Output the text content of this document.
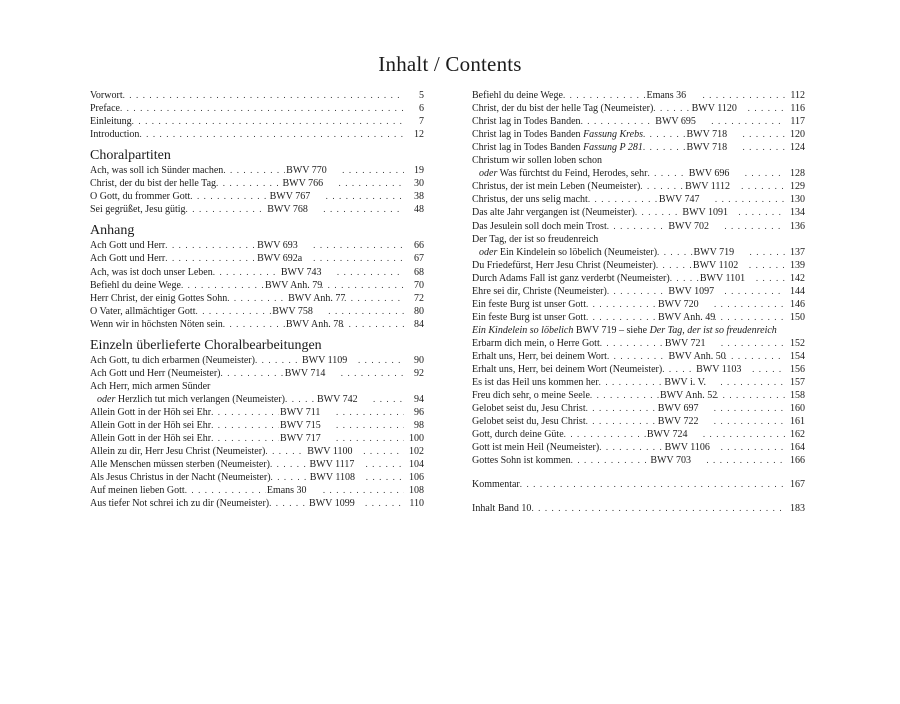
Inhalt / Contents
Vorwort . . .	5
Preface . . .	6
Einleitung . . .	7
Introduction . . .	12
Choralpartiten
Ach, was soll ich Sünder machen . . .	BWV 770 . . .	19
Christ, der du bist der helle Tag . . .	BWV 766 . . .	30
O Gott, du frommer Gott . . .	BWV 767 . . .	38
Sei gegrüßet, Jesu gütig . . .	BWV 768 . . .	48
Anhang
Ach Gott und Herr . . .	BWV 693 . . .	66
Ach Gott und Herr . . .	BWV 692a . . .	67
Ach, was ist doch unser Leben . . .	BWV 743 . . .	68
Befiehl du deine Wege . . .	BWV Anh. 79 . . .	70
Herr Christ, der einig Gottes Sohn . . .	BWV Anh. 77 . . .	72
O Vater, allmächtiger Gott . . .	BWV 758 . . .	80
Wenn wir in höchsten Nöten sein . . .	BWV Anh. 78 . . .	84
Einzeln überlieferte Choralbearbeitungen
Ach Gott, tu dich erbarmen (Neumeister) . . .	BWV 1109 . . .	90
Ach Gott und Herr (Neumeister) . . .	BWV 714 . . .	92
Ach Herr, mich armen Sünder
oder Herzlich tut mich verlangen (Neumeister) . . .	BWV 742 . . .	94
Allein Gott in der Höh sei Ehr . . .	BWV 711 . . .	96
Allein Gott in der Höh sei Ehr . . .	BWV 715 . . .	98
Allein Gott in der Höh sei Ehr . . .	BWV 717 . . .	100
Allein zu dir, Herr Jesu Christ (Neumeister) . . .	BWV 1100 . . .	102
Alle Menschen müssen sterben (Neumeister) . . .	BWV 1117 . . .	104
Als Jesus Christus in der Nacht (Neumeister) . . .	BWV 1108 . . .	106
Auf meinen lieben Gott . . .	Emans 30 . . .	108
Aus tiefer Not schrei ich zu dir (Neumeister) . . .	BWV 1099 . . .	110
Befiehl du deine Wege . . .	Emans 36 . . .	112
Christ, der du bist der helle Tag (Neumeister) . . .	BWV 1120 . . .	116
Christ lag in Todes Banden . . .	BWV 695 . . .	117
Christ lag in Todes Banden Fassung Krebs . . .	BWV 718 . . .	120
Christ lag in Todes Banden Fassung P 281 . . .	BWV 718 . . .	124
Christum wir sollen loben schon
oder Was fürchtst du Feind, Herodes, sehr . . .	BWV 696 . . .	128
Christus, der ist mein Leben (Neumeister) . . .	BWV 1112 . . .	129
Christus, der uns selig macht . . .	BWV 747 . . .	130
Das alte Jahr vergangen ist (Neumeister) . . .	BWV 1091 . . .	134
Das Jesulein soll doch mein Trost . . .	BWV 702 . . .	136
Der Tag, der ist so freudenreich
oder Ein Kindelein so löbelich (Neumeister) . . .	BWV 719 . . .	137
Du Friedefürst, Herr Jesu Christ (Neumeister) . . .	BWV 1102 . . .	139
Durch Adams Fall ist ganz verderbt (Neumeister) . . .	BWV 1101 . . .	142
Ehre sei dir, Christe (Neumeister) . . .	BWV 1097 . . .	144
Ein feste Burg ist unser Gott . . .	BWV 720 . . .	146
Ein feste Burg ist unser Gott . . .	BWV Anh. 49 . . .	150
Ein Kindelein so löbelich BWV 719 – siehe Der Tag, der ist so freudenreich
Erbarm dich mein, o Herre Gott . . .	BWV 721 . . .	152
Erhalt uns, Herr, bei deinem Wort . . .	BWV Anh. 50 . . .	154
Erhalt uns, Herr, bei deinem Wort (Neumeister) . . .	BWV 1103 . . .	156
Es ist das Heil uns kommen her . . .	BWV i. V. . . .	157
Freu dich sehr, o meine Seele . . .	BWV Anh. 52 . . .	158
Gelobet seist du, Jesu Christ . . .	BWV 697 . . .	160
Gelobet seist du, Jesu Christ . . .	BWV 722 . . .	161
Gott, durch deine Güte . . .	BWV 724 . . .	162
Gott ist mein Heil (Neumeister) . . .	BWV 1106 . . .	164
Gottes Sohn ist kommen . . .	BWV 703 . . .	166
Kommentar . . .	167
Inhalt Band 10 . . .	183
